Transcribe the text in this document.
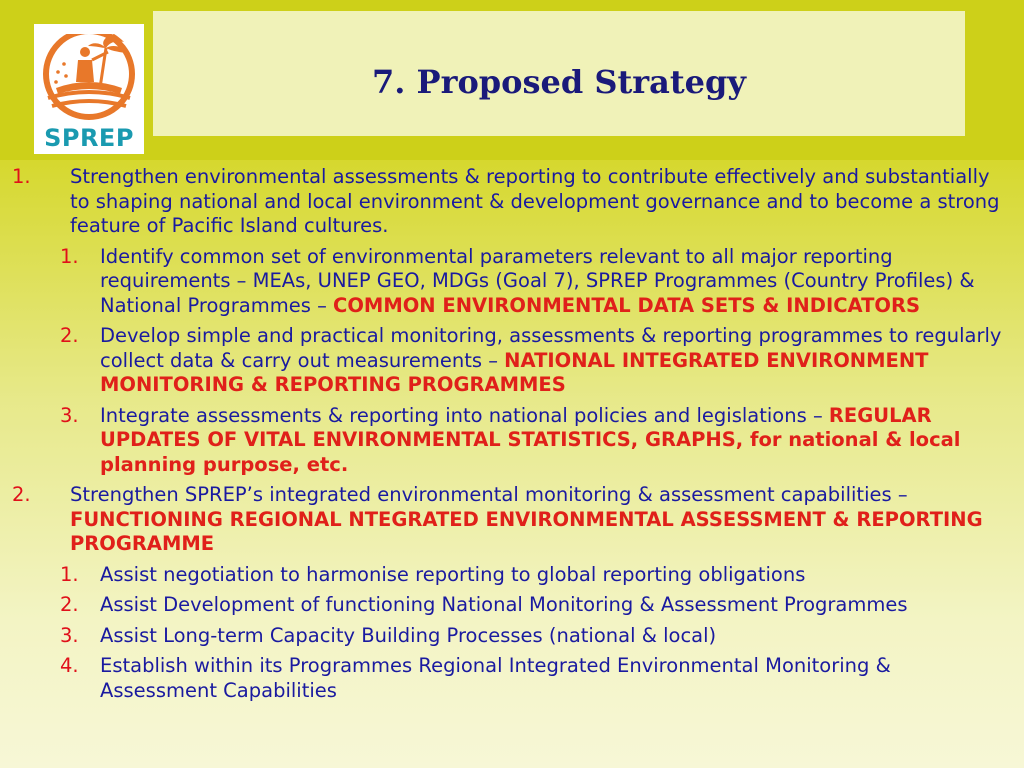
SPREP
7. Proposed Strategy
1. Strengthen environmental assessments & reporting to contribute effectively and substantially to shaping national and local environment & development governance and to become a strong feature of Pacific Island cultures.
1. Identify common set of environmental parameters relevant to all major reporting requirements – MEAs, UNEP GEO, MDGs (Goal 7), SPREP Programmes (Country Profiles) & National Programmes – COMMON ENVIRONMENTAL DATA SETS & INDICATORS
2. Develop simple and practical monitoring, assessments & reporting programmes to regularly collect data & carry out measurements – NATIONAL INTEGRATED ENVIRONMENT MONITORING & REPORTING PROGRAMMES
3. Integrate assessments & reporting into national policies and legislations – REGULAR UPDATES OF VITAL ENVIRONMENTAL STATISTICS, GRAPHS, for national & local planning purpose, etc.
2. Strengthen SPREP’s integrated environmental monitoring & assessment capabilities – FUNCTIONING REGIONAL NTEGRATED ENVIRONMENTAL ASSESSMENT & REPORTING PROGRAMME
1. Assist negotiation to harmonise reporting to global reporting obligations
2. Assist Development of functioning National Monitoring & Assessment Programmes
3. Assist Long-term Capacity Building Processes (national & local)
4. Establish within its Programmes Regional Integrated Environmental Monitoring & Assessment Capabilities
